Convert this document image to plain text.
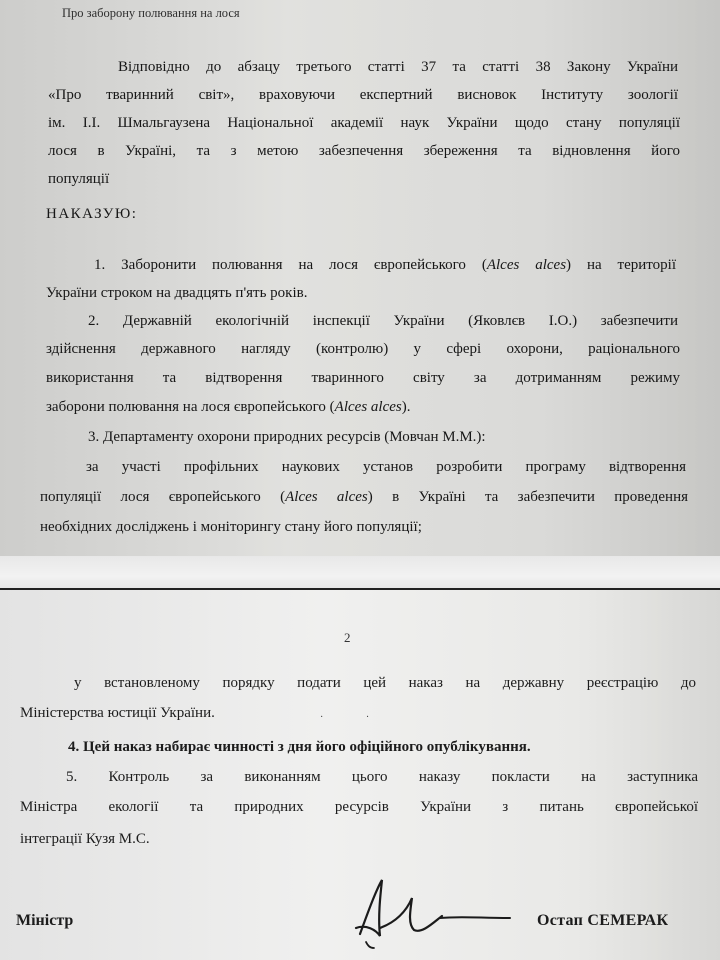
Про заборону полювання на лося

Відповідно до абзацу третього статті 37 та статті 38 Закону України

«Про тваринний світ», враховуючи експертний висновок Інституту зоології

ім. І.І. Шмальгаузена Національної академії наук України щодо стану популяції

лося в Україні, та з метою забезпечення збереження та відновлення його

популяції

НАКАЗУЮ:

1. Заборонити полювання на лося європейського (Alces alces) на території

України строком на двадцять п'ять років.

2. Державній екологічній інспекції України (Яковлєв І.О.) забезпечити

здійснення державного нагляду (контролю) у сфері охорони, раціонального

використання та відтворення тваринного світу за дотриманням режиму

заборони полювання на лося європейського (Alces alces).

3. Департаменту охорони природних ресурсів (Мовчан М.М.):

за участі профільних наукових установ розробити програму відтворення

популяції лося європейського (Alces alces) в Україні та забезпечити проведення

необхідних досліджень і моніторингу стану його популяції;

2

у встановленому порядку подати цей наказ на державну реєстрацію до

Міністерства юстиції України.	· ·

4. Цей наказ набирає чинності з дня його офіційного опублікування.

5. Контроль за виконанням цього наказу покласти на заступника

Міністра екології та природних ресурсів України з питань європейської

інтеграції Кузя М.С.

Міністр	Остап СЕМЕРАК
